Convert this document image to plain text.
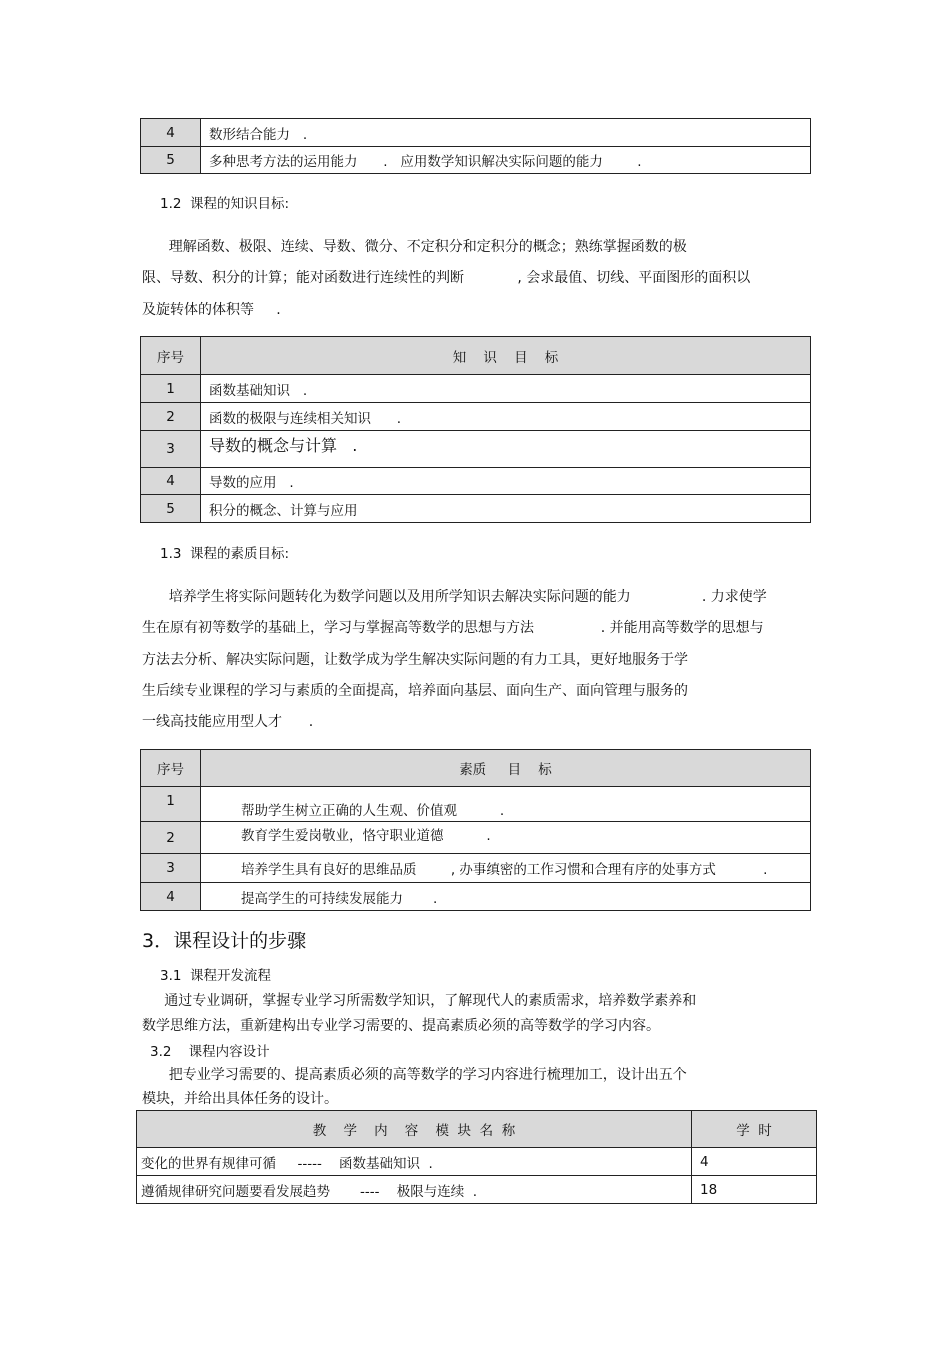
4	数形结合能力   .
5	多种思考方法的运用能力      .   应用数学知识解决实际问题的能力        .
1.2  课程的知识目标:
理解函数、极限、连续、导数、微分、不定积分和定积分的概念；熟练掌握函数的极
限、导数、积分的计算；能对函数进行连续性的判断            , 会求最值、切线、平面图形的面积以
及旋转体的体积等     .
序号	知    识    目    标
1	函数基础知识   .
2	函数的极限与连续相关知识      .
3	导数的概念与计算   .
4	导数的应用   .
5	积分的概念、计算与应用
1.3  课程的素质目标:
培养学生将实际问题转化为数学问题以及用所学知识去解决实际问题的能力                . 力求使学
生在原有初等数学的基础上，学习与掌握高等数学的思想与方法               . 并能用高等数学的思想与
方法去分析、解决实际问题，让数学成为学生解决实际问题的有力工具，更好地服务于学
生后续专业课程的学习与素质的全面提高，培养面向基层、面向生产、面向管理与服务的
一线高技能应用型人才      .
序号	素质     目    标
1	帮助学生树立正确的人生观、价值观          .
2	教育学生爱岗敬业，恪守职业道德          .
3	培养学生具有良好的思维品质        , 办事缜密的工作习惯和合理有序的处事方式           .
4	提高学生的可持续发展能力       .
3．课程设计的步骤
3.1  课程开发流程
通过专业调研，掌握专业学习所需数学知识，了解现代人的素质需求，培养数学素养和
数学思维方法，重新建构出专业学习需要的、提高素质必须的高等数学的学习内容。
3.2    课程内容设计
把专业学习需要的、提高素质必须的高等数学的学习内容进行梳理加工，设计出五个
模块，并给出具体任务的设计。
教    学    内    容    模  块  名  称	学  时
变化的世界有规律可循     -----    函数基础知识  .	4
遵循规律研究问题要看发展趋势       ----    极限与连续  .	18
